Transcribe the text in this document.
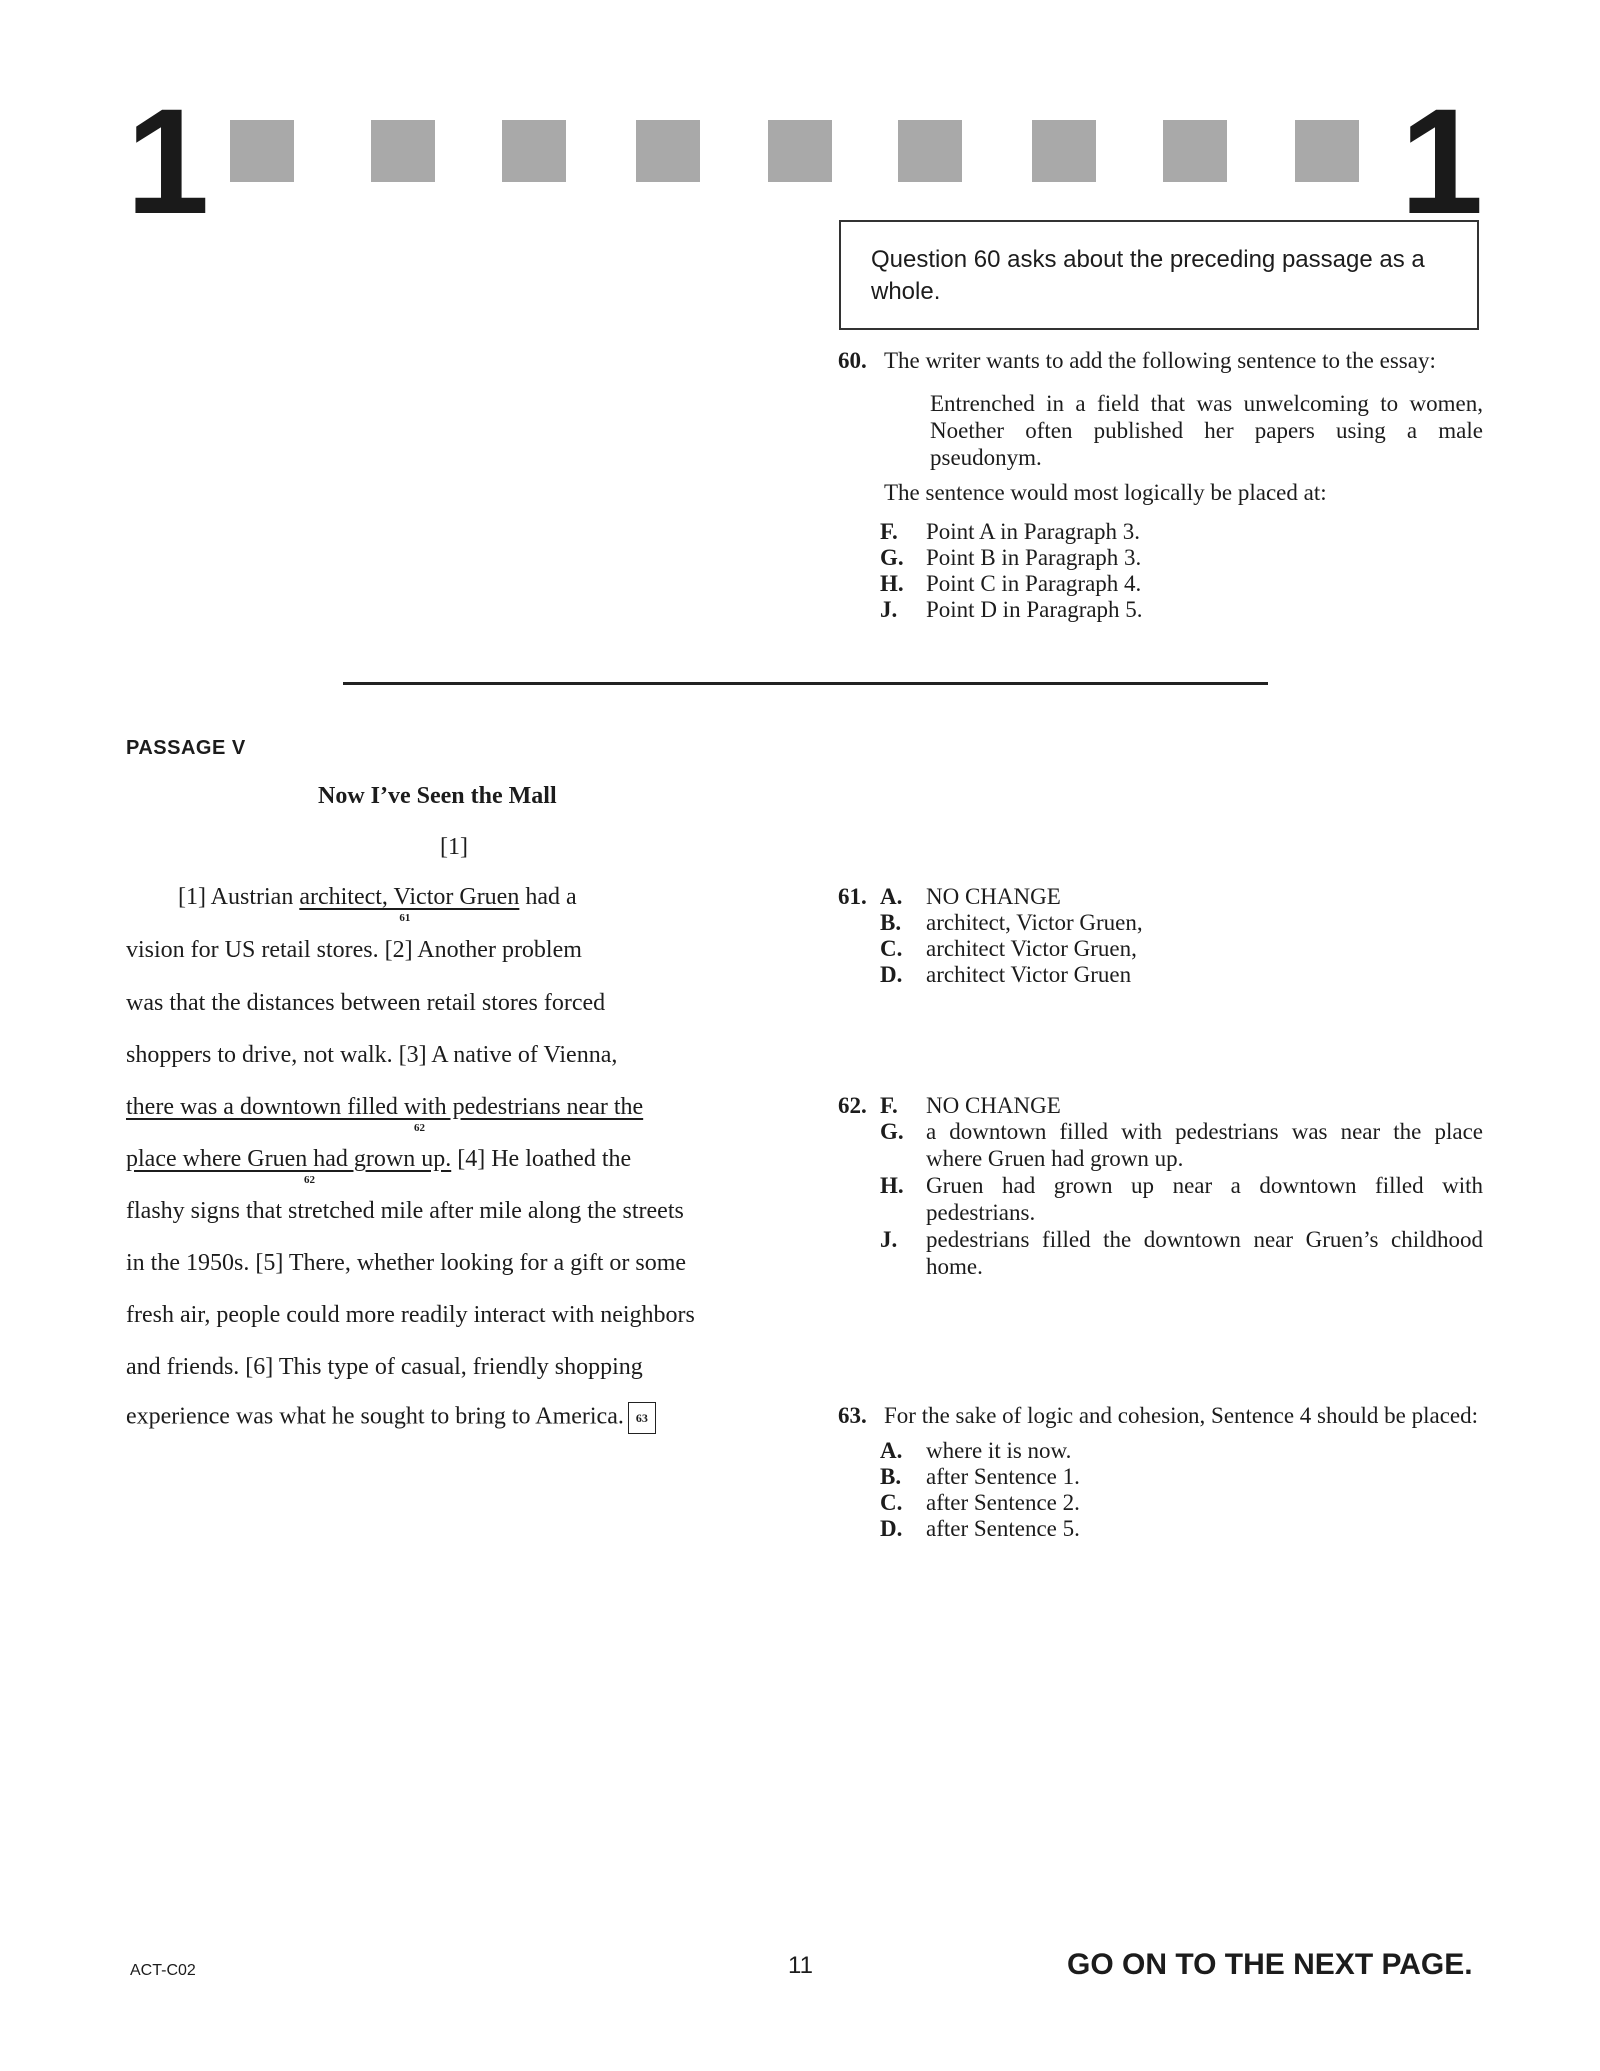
1	1
Question 60 asks about the preceding passage as a whole.
60. The writer wants to add the following sentence to the essay:
Entrenched in a field that was unwelcoming to women, Noether often published her papers using a male pseudonym.
The sentence would most logically be placed at:
F.	Point A in Paragraph 3.
G. Point B in Paragraph 3.
H. Point C in Paragraph 4.
J.	Point D in Paragraph 5.
PASSAGE V
Now I’ve Seen the Mall
[1]
[1] Austrian architect, Victor Gruen
61
had a
vision for US retail stores. [2] Another problem
was that the distances between retail stores forced
shoppers to drive, not walk. [3] A native of Vienna,
there was a downtown filled with pedestrians near the
62
place where Gruen had grown up.
62
[4] He loathed the
flashy signs that stretched mile after mile along the streets
in the 1950s. [5] There, whether looking for a gift or some
fresh air, people could more readily interact with neighbors
and friends. [6] This type of casual, friendly shopping
experience was what he sought to bring to America. 63
61. A.	NO CHANGE
B.	architect, Victor Gruen,
C.	architect Victor Gruen,
D.	architect Victor Gruen
62. F.	NO CHANGE
G. a downtown filled with pedestrians was near the place where Gruen had grown up.
H. Gruen had grown up near a downtown filled with pedestrians.
J.	pedestrians filled the downtown near Gruen’s childhood home.
63. For the sake of logic and cohesion, Sentence 4 should be placed:
A.	where it is now.
B.	after Sentence 1.
C.	after Sentence 2.
D.	after Sentence 5.
ACT-C02	11	GO ON TO THE NEXT PAGE.
